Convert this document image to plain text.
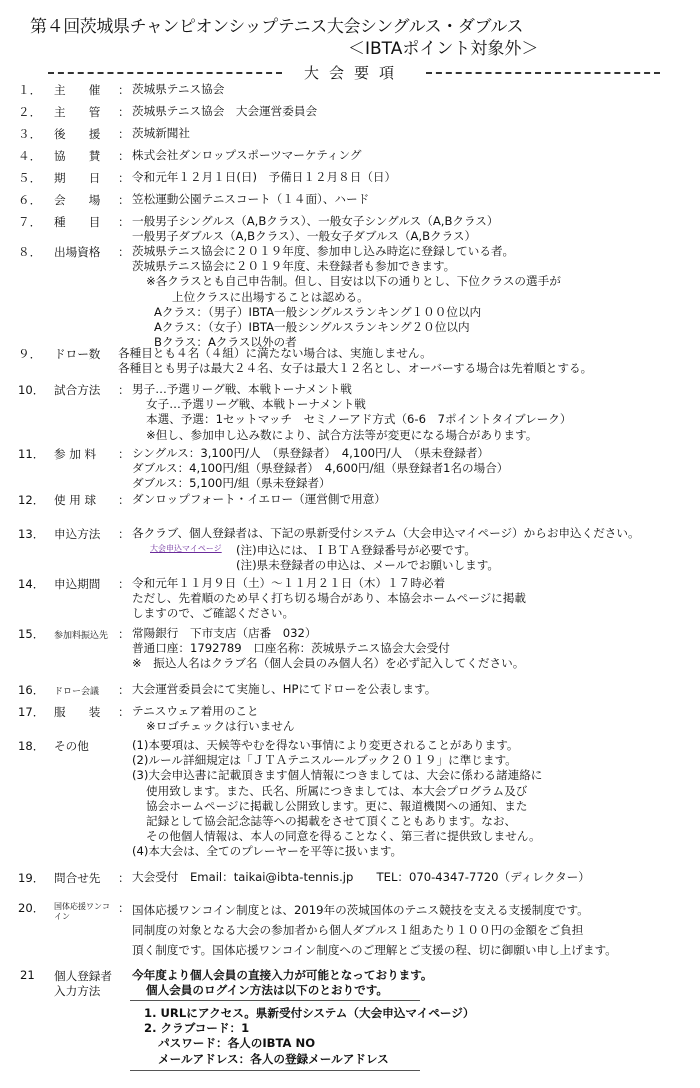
第４回茨城県チャンピオンシップテニス大会シングルス・ダブルス
＜IBTAポイント対象外＞
大会要項
１． 主　　催 ： 茨城県テニス協会
２． 主　　管 ： 茨城県テニス協会　大会運営委員会
３． 後　　援 ： 茨城新聞社
４． 協　　賛 ： 株式会社ダンロップスポーツマーケティング
５． 期　　日 ： 令和元年１２月１日(日)　予備日１２月８日（日）
６． 会　　場 ： 笠松運動公園テニスコート（１４面）、ハード
７． 種　　目 ： 一般男子シングルス（A,Bクラス）、一般女子シングルス（A,Bクラス）
一般男子ダブルス（A,Bクラス）、一般女子ダブルス（A,Bクラス）
８． 出場資格 ： 茨城県テニス協会に２０１９年度、参加申し込み時迄に登録している者。
茨城県テニス協会に２０１９年度、未登録者も参加できます。
※各クラスとも自己申告制。但し、目安は以下の通りとし、下位クラスの選手が
上位クラスに出場することは認める。
Aクラス：（男子）IBTA一般シングルスランキング１００位以内
Aクラス：（女子）IBTA一般シングルスランキング２０位以内
Bクラス：Aクラス以外の者
９． ドロー数 各種目とも４名（４組）に満たない場合は、実施しません。
各種目とも男子は最大２４名、女子は最大１２名とし、オーバーする場合は先着順とする。
10． 試合方法 ： 男子…予選リーグ戦、本戦トーナメント戦
女子…予選リーグ戦、本戦トーナメント戦
本選、予選：1セットマッチ　セミノーアド方式（6-6　7ポイントタイブレーク）
※但し、参加申し込み数により、試合方法等が変更になる場合があります。
11． 参 加 料 ： シングルス：3,100円/人　（県登録者）　4,100円/人　（県未登録者）
ダブルス：4,100円/組（県登録者）　4,600円/組（県登録者1名の場合）
ダブルス：5,100円/組（県未登録者）
12． 使 用 球 ： ダンロップフォート・イエロー（運営側で用意）
13． 申込方法 ： 各クラブ、個人登録者は、下記の県新受付システム（大会申込マイページ）からお申込ください。
大会申込マイページ (注)申込には、ＩＢＴＡ登録番号が必要です。
(注)県未登録者の申込は、メールでお願いします。
14． 申込期間 ： 令和元年１１月９日（土）～１１月２１日（木）１７時必着
ただし、先着順のため早く打ち切る場合があり、本協会ホームページに掲載
しますので、ご確認ください。
15． 参加料振込先 ： 常陽銀行　下市支店（店番　032）
普通口座：1792789　口座名称：茨城県テニス協会大会受付
※　振込人名はクラブ名（個人会員のみ個人名）を必ず記入してください。
16． ドロー会議 ： 大会運営委員会にて実施し、HPにてドローを公表します。
17． 服　　装 ： テニスウェア着用のこと
※ロゴチェックは行いません
18． その他	(1)本要項は、天候等やむを得ない事情により変更されることがあります。
(2)ルール詳細規定は「ＪＴＡテニスルールブック２０１９」に準じます。
(3)大会申込書に記載頂きます個人情報につきましては、大会に係わる諸連絡に
使用致します。また、氏名、所属につきましては、本大会プログラム及び
協会ホームページに掲載し公開致します。更に、報道機関への通知、また
記録として協会記念誌等への掲載をさせて頂くこともあります。なお、
その他個人情報は、本人の同意を得ることなく、第三者に提供致しません。
(4)本大会は、全てのプレーヤーを平等に扱います。
19． 問合せ先 ： 大会受付　Email：taikai@ibta-tennis.jp　　TEL：070-4347-7720（ディレクター）
20． 国体応援ワンコイン
： 国体応援ワンコイン制度とは、2019年の茨城国体のテニス競技を支える支援制度です。
同制度の対象となる大会の参加者から個人ダブルス１組あたり１００円の金額をご負担
頂く制度です。国体応援ワンコイン制度へのご理解とご支援の程、切に御願い申し上げます。
21 個人登録者
入力方法
今年度より個人会員の直接入力が可能となっております。
個人会員のログイン方法は以下のとおりです。
1. URLにアクセス。県新受付システム（大会申込マイページ）
2. クラブコード：1
パスワード：各人のIBTA NO
メールアドレス：各人の登録メールアドレス
